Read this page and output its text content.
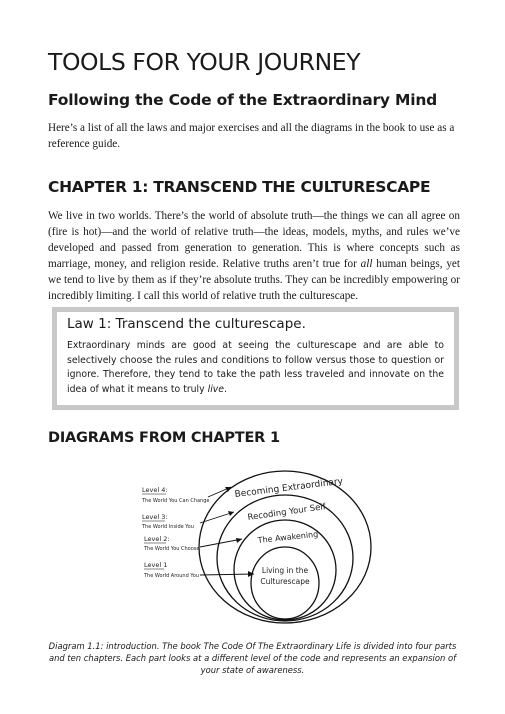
TOOLS FOR YOUR JOURNEY
Following the Code of the Extraordinary Mind

Here’s a list of all the laws and major exercises and all the diagrams in the book to use as a reference guide.

CHAPTER 1: TRANSCEND THE CULTURESCAPE

We live in two worlds. There’s the world of absolute truth—the things we can all agree on (fire is hot)—and the world of relative truth—the ideas, models, myths, and rules we’ve developed and passed from generation to generation. This is where concepts such as marriage, money, and religion reside. Relative truths aren’t true for all human beings, yet we tend to live by them as if they’re absolute truths. They can be incredibly empowering or incredibly limiting. I call this world of relative truth the culturescape.

Law 1: Transcend the culturescape.

Extraordinary minds are good at seeing the culturescape and are able to selectively choose the rules and conditions to follow versus those to question or ignore. Therefore, they tend to take the path less traveled and innovate on the idea of what it means to truly live.

DIAGRAMS FROM CHAPTER 1
Becoming Extraordinary
Recoding Your Self
The Awakening
Living in the
Culturescape
Level 4:
The World You Can Change
Level 3:
The World Inside You
Level 2:
The World You Choose
Level 1
The World Around You

Diagram 1.1: introduction. The book The Code Of The Extraordinary Life is divided into four parts and ten chapters. Each part looks at a different level of the code and represents an expansion of your state of awareness.
